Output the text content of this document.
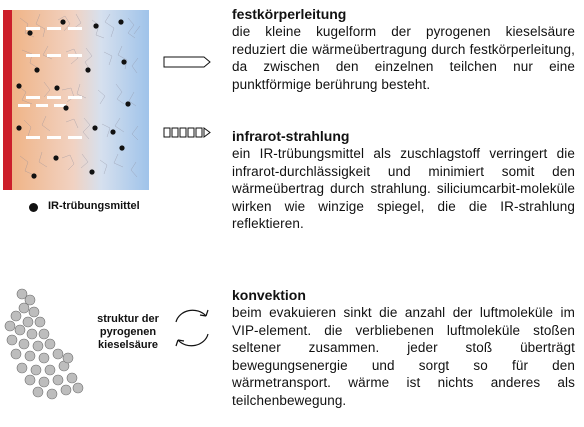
IR-trübungsmittel
struktur der
pyrogenen
kieselsäure
festkörperleitung
die kleine kugelform der pyrogenen kieselsäure reduziert die wärmeübertragung durch festkörperleitung, da zwischen den einzelnen teilchen nur eine punktförmige berührung besteht.
infrarot-strahlung
ein IR-trübungsmittel als zuschlagstoff verringert die infrarot-durchlässigkeit und minimiert somit den wärmeübertrag durch strahlung. siliciumcarbit-moleküle wirken wie winzige spiegel, die die IR-strahlung reflektieren.
konvektion
beim evakuieren sinkt die anzahl der luftmoleküle im VIP-element. die verbliebenen luftmoleküle stoßen seltener zusammen. jeder stoß überträgt bewegungsenergie und sorgt so für den wärmetransport. wärme ist nichts anderes als teilchenbewegung.
